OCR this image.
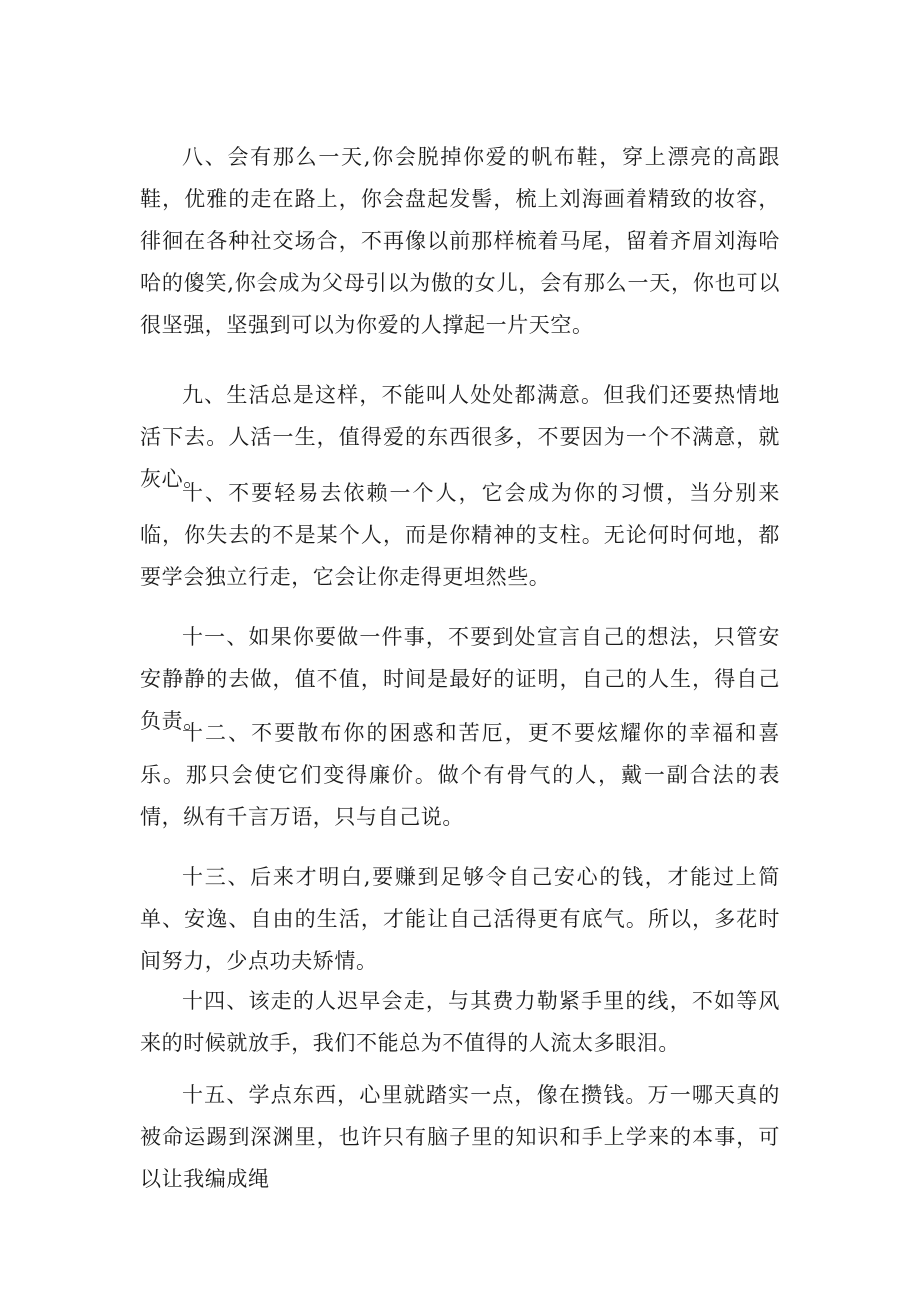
八、会有那么一天,你会脱掉你爱的帆布鞋，穿上漂亮的高跟鞋，优雅的走在路上，你会盘起发髻，梳上刘海画着精致的妆容，徘徊在各种社交场合，不再像以前那样梳着马尾，留着齐眉刘海哈哈的傻笑,你会成为父母引以为傲的女儿，会有那么一天，你也可以很坚强，坚强到可以为你爱的人撑起一片天空。

九、生活总是这样，不能叫人处处都满意。但我们还要热情地活下去。人活一生，值得爱的东西很多，不要因为一个不满意，就灰心。

十、不要轻易去依赖一个人，它会成为你的习惯，当分别来临，你失去的不是某个人，而是你精神的支柱。无论何时何地，都要学会独立行走，它会让你走得更坦然些。

十一、如果你要做一件事，不要到处宣言自己的想法，只管安安静静的去做，值不值，时间是最好的证明，自己的人生，得自己负责。

十二、不要散布你的困惑和苦厄，更不要炫耀你的幸福和喜乐。那只会使它们变得廉价。做个有骨气的人，戴一副合法的表情，纵有千言万语，只与自己说。

十三、后来才明白,要赚到足够令自己安心的钱，才能过上简单、安逸、自由的生活，才能让自己活得更有底气。所以，多花时间努力，少点功夫矫情。

十四、该走的人迟早会走，与其费力勒紧手里的线，不如等风来的时候就放手，我们不能总为不值得的人流太多眼泪。

十五、学点东西，心里就踏实一点，像在攒钱。万一哪天真的被命运踢到深渊里，也许只有脑子里的知识和手上学来的本事，可以让我编成绳
